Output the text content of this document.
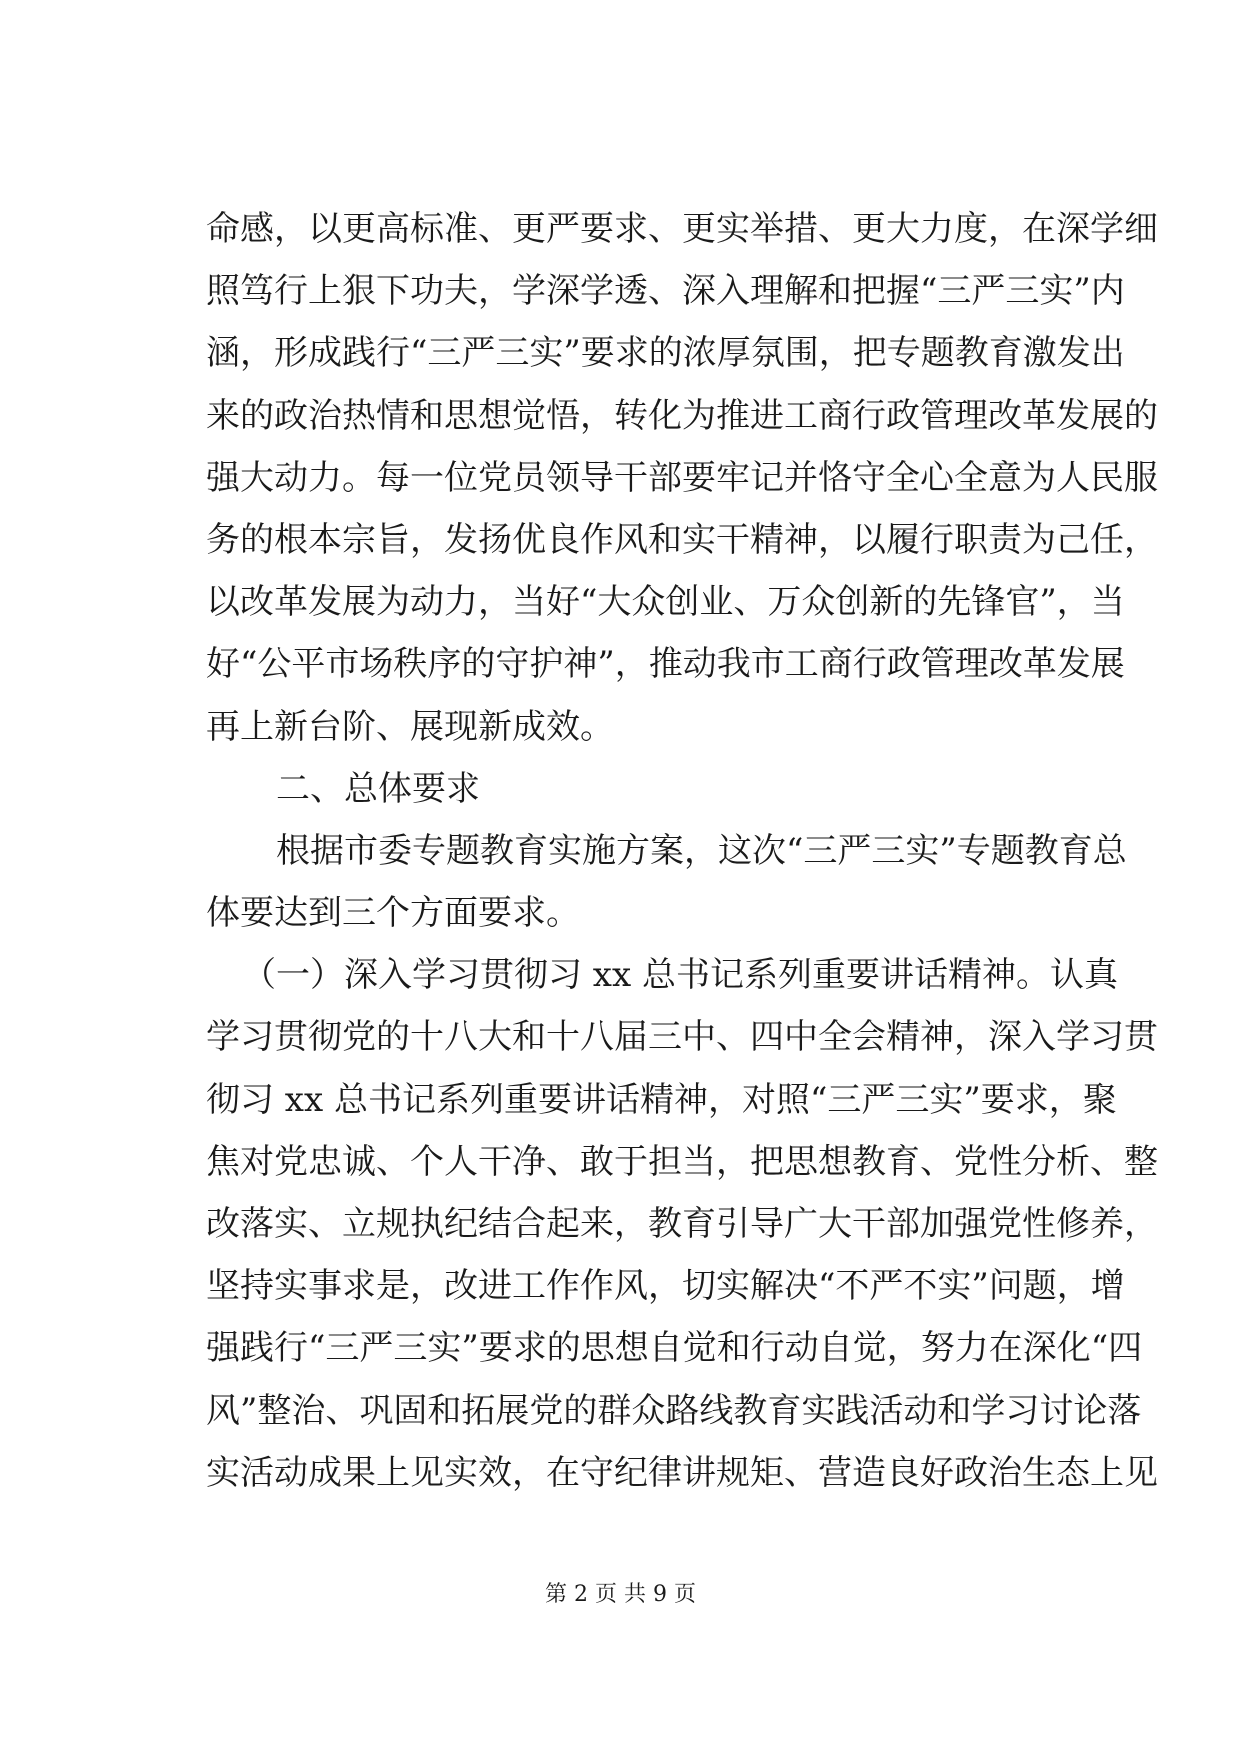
命感，以更高标准、更严要求、更实举措、更大力度，在深学细
照笃行上狠下功夫，学深学透、深入理解和把握“三严三实”内
涵，形成践行“三严三实”要求的浓厚氛围，把专题教育激发出
来的政治热情和思想觉悟，转化为推进工商行政管理改革发展的
强大动力。每一位党员领导干部要牢记并恪守全心全意为人民服
务的根本宗旨，发扬优良作风和实干精神，以履行职责为己任，
以改革发展为动力，当好“大众创业、万众创新的先锋官”，当
好“公平市场秩序的守护神”，推动我市工商行政管理改革发展
再上新台阶、展现新成效。
二、总体要求
根据市委专题教育实施方案，这次“三严三实”专题教育总
体要达到三个方面要求。
（一）深入学习贯彻习 xx 总书记系列重要讲话精神。认真
学习贯彻党的十八大和十八届三中、四中全会精神，深入学习贯
彻习 xx 总书记系列重要讲话精神，对照“三严三实”要求，聚
焦对党忠诚、个人干净、敢于担当，把思想教育、党性分析、整
改落实、立规执纪结合起来，教育引导广大干部加强党性修养，
坚持实事求是，改进工作作风，切实解决“不严不实”问题，增
强践行“三严三实”要求的思想自觉和行动自觉，努力在深化“四
风”整治、巩固和拓展党的群众路线教育实践活动和学习讨论落
实活动成果上见实效，在守纪律讲规矩、营造良好政治生态上见
第 2 页 共 9 页
